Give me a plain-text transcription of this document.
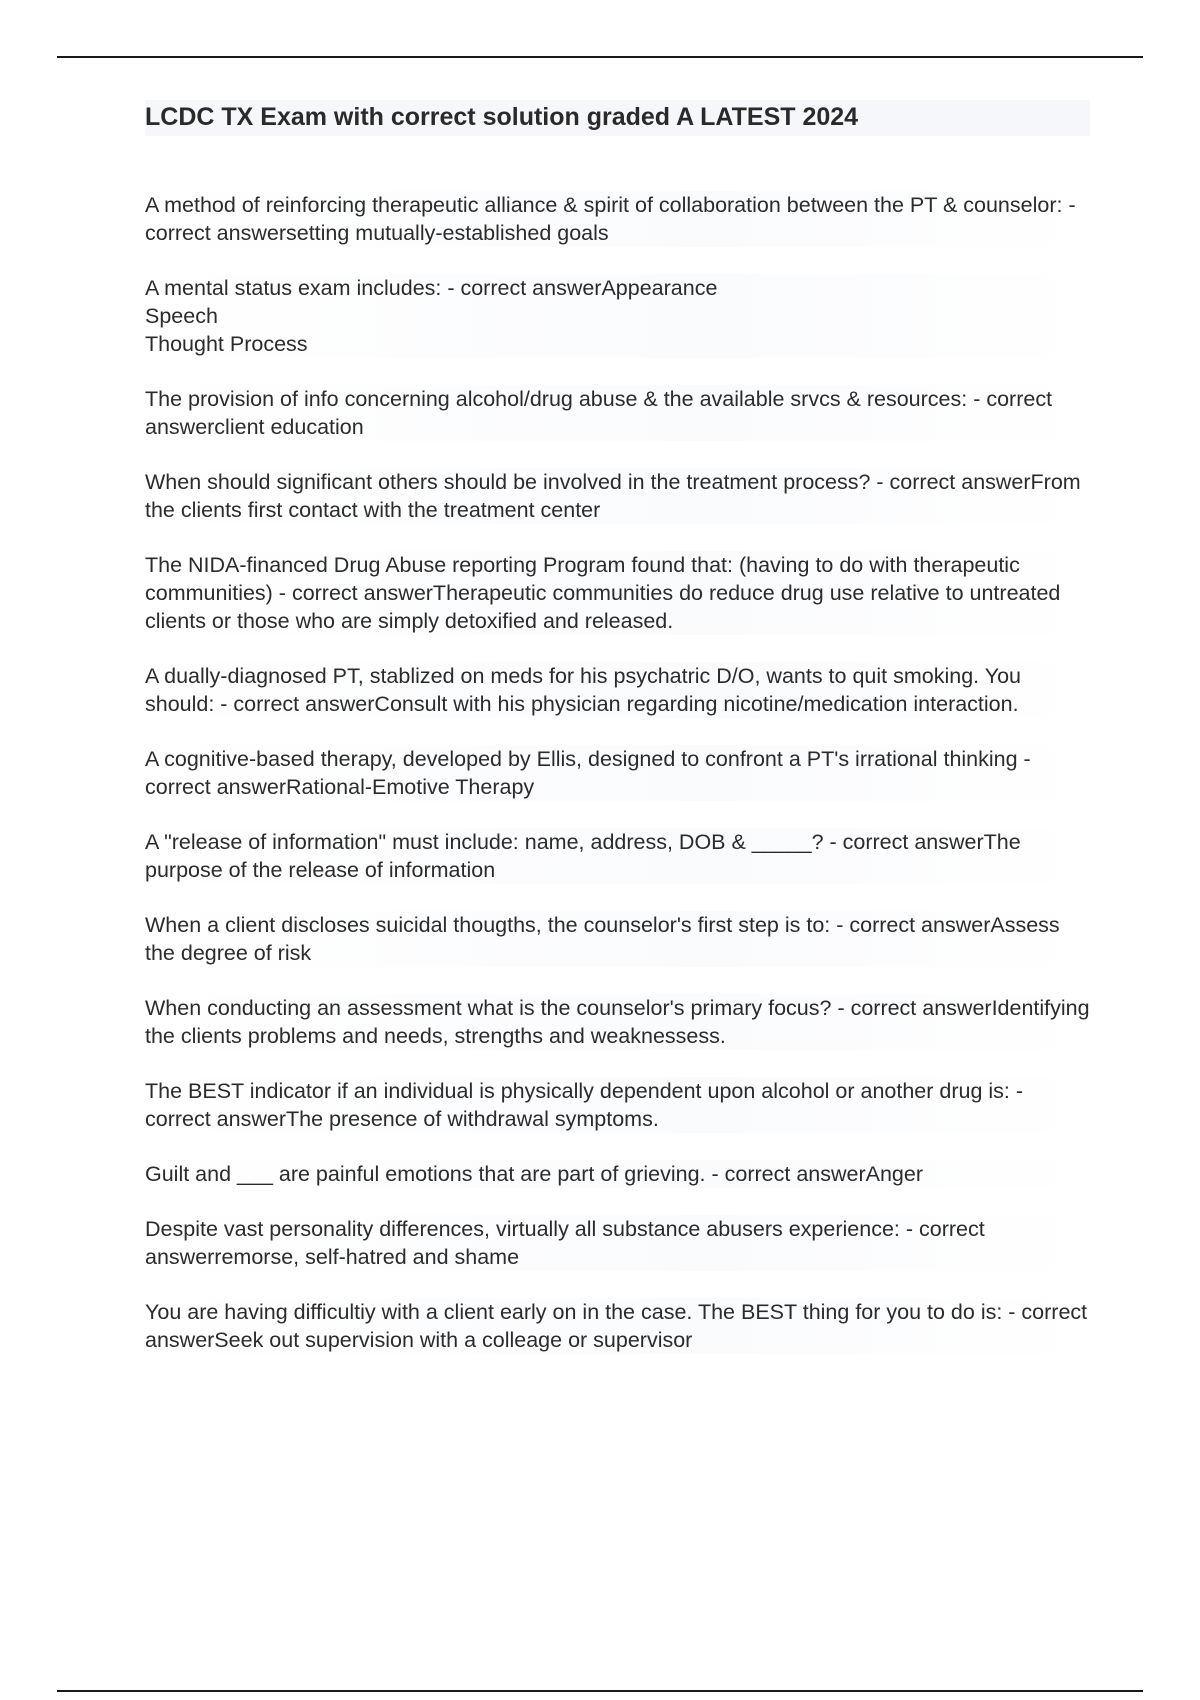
LCDC TX Exam with correct solution graded A LATEST 2024

A method of reinforcing therapeutic alliance & spirit of collaboration between the PT & counselor: - correct answersetting mutually-established goals

A mental status exam includes: - correct answerAppearance
Speech
Thought Process

The provision of info concerning alcohol/drug abuse & the available srvcs & resources: - correct answerclient education

When should significant others should be involved in the treatment process? - correct answerFrom the clients first contact with the treatment center

The NIDA-financed Drug Abuse reporting Program found that: (having to do with therapeutic communities) - correct answerTherapeutic communities do reduce drug use relative to untreated clients or those who are simply detoxified and released.

A dually-diagnosed PT, stablized on meds for his psychatric D/O, wants to quit smoking. You should: - correct answerConsult with his physician regarding nicotine/medication interaction.

A cognitive-based therapy, developed by Ellis, designed to confront a PT's irrational thinking - correct answerRational-Emotive Therapy

A "release of information" must include: name, address, DOB & _____? - correct answerThe purpose of the release of information

When a client discloses suicidal thougths, the counselor's first step is to: - correct answerAssess the degree of risk

When conducting an assessment what is the counselor's primary focus? - correct answerIdentifying the clients problems and needs, strengths and weaknessess.

The BEST indicator if an individual is physically dependent upon alcohol or another drug is: - correct answerThe presence of withdrawal symptoms.

Guilt and ___ are painful emotions that are part of grieving. - correct answerAnger

Despite vast personality differences, virtually all substance abusers experience: - correct answerremorse, self-hatred and shame

You are having difficultiy with a client early on in the case. The BEST thing for you to do is: - correct answerSeek out supervision with a colleage or supervisor
